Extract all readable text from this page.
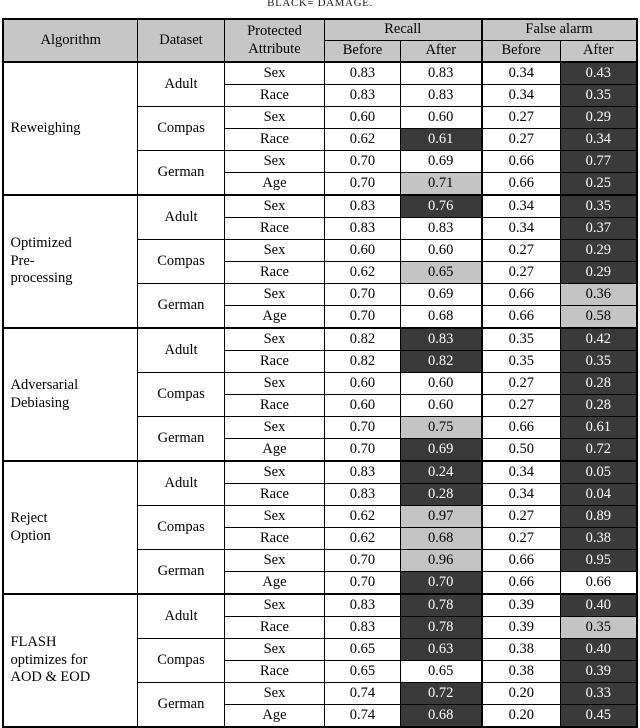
BLACK= DAMAGE.
Algorithm	Dataset	Protected
Attribute	Recall		False alarm	
			Before	After	Before	After
Reweighing	Adult	Sex	0.83	0.83	0.34	0.43
		Race	0.83	0.83	0.34	0.35
	Compas	Sex	0.60	0.60	0.27	0.29
		Race	0.62	0.61	0.27	0.34
	German	Sex	0.70	0.69	0.66	0.77
		Age	0.70	0.71	0.66	0.25
Optimized
Pre-
processing	Adult	Sex	0.83	0.76	0.34	0.35
		Race	0.83	0.83	0.34	0.37
	Compas	Sex	0.60	0.60	0.27	0.29
		Race	0.62	0.65	0.27	0.29
	German	Sex	0.70	0.69	0.66	0.36
		Age	0.70	0.68	0.66	0.58
Adversarial
Debiasing	Adult	Sex	0.82	0.83	0.35	0.42
		Race	0.82	0.82	0.35	0.35
	Compas	Sex	0.60	0.60	0.27	0.28
		Race	0.60	0.60	0.27	0.28
	German	Sex	0.70	0.75	0.66	0.61
		Age	0.70	0.69	0.50	0.72
Reject
Option	Adult	Sex	0.83	0.24	0.34	0.05
		Race	0.83	0.28	0.34	0.04
	Compas	Sex	0.62	0.97	0.27	0.89
		Race	0.62	0.68	0.27	0.38
	German	Sex	0.70	0.96	0.66	0.95
		Age	0.70	0.70	0.66	0.66
FLASH
optimizes for
AOD & EOD	Adult	Sex	0.83	0.78	0.39	0.40
		Race	0.83	0.78	0.39	0.35
	Compas	Sex	0.65	0.63	0.38	0.40
		Race	0.65	0.65	0.38	0.39
	German	Sex	0.74	0.72	0.20	0.33
		Age	0.74	0.68	0.20	0.45
